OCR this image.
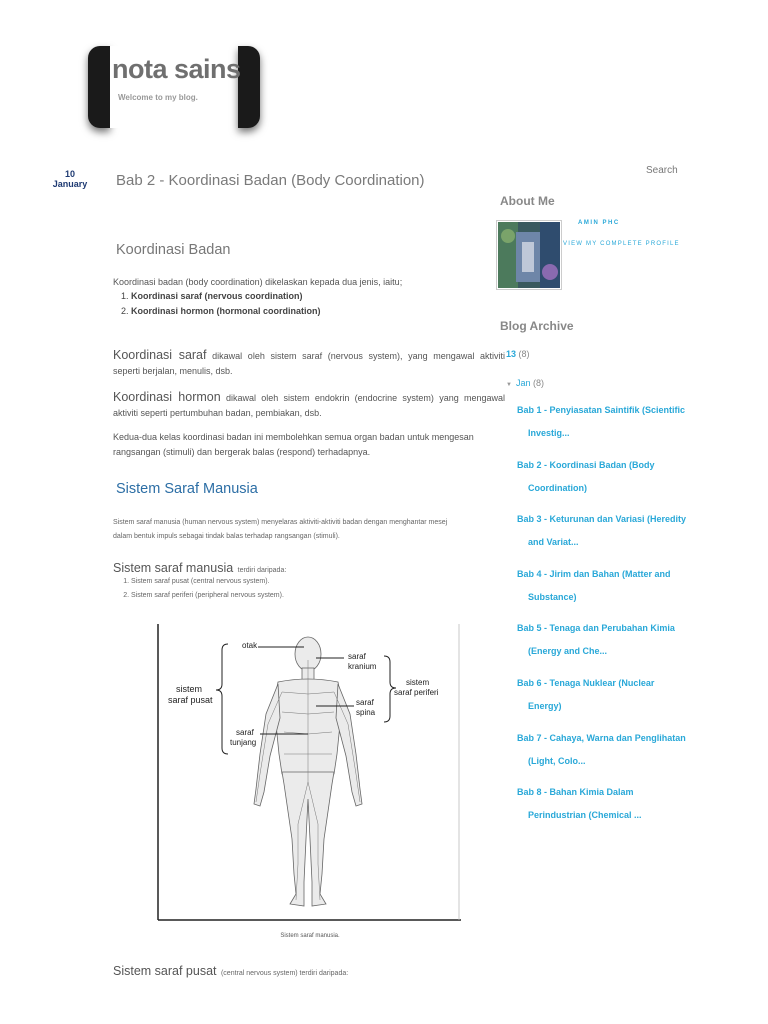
nota sains
Welcome to my blog.
10
January	Bab 2 - Koordinasi Badan (Body Coordination)
Koordinasi Badan
Koordinasi badan (body coordination) dikelaskan kepada dua jenis, iaitu;
1. Koordinasi saraf (nervous coordination)
2. Koordinasi hormon (hormonal coordination)
Koordinasi saraf dikawal oleh sistem saraf (nervous system), yang mengawal aktiviti
seperti berjalan, menulis, dsb.
Koordinasi hormon dikawal oleh sistem endokrin (endocrine system) yang mengawal
aktiviti seperti pertumbuhan badan, pembiakan, dsb.
Kedua-dua kelas koordinasi badan ini membolehkan semua organ badan untuk mengesan
rangsangan (stimuli) dan bergerak balas (respond) terhadapnya.
Sistem Saraf Manusia
Sistem saraf manusia (human nervous system) menyelaras aktiviti-aktiviti badan dengan menghantar mesej
dalam bentuk impuls sebagai tindak balas terhadap rangsangan (stimuli).
Sistem saraf manusia terdiri daripada:
1. Sistem saraf pusat (central nervous system).
2. Sistem saraf periferi (peripheral nervous system).
otak
saraf
kranium
sistem
saraf periferi
sistem
saraf pusat	saraf
spina
saraf
tunjang
Sistem saraf manusia.
Sistem saraf pusat (central nervous system) terdiri daripada:
Search
About Me
AMIN PHC
VIEW MY COMPLETE PROFILE
Blog Archive
13 (8)
▼ Jan (8)
Bab 1 - Penyiasatan Saintifik (Scientific
Investig...
Bab 2 - Koordinasi Badan (Body
Coordination)
Bab 3 - Keturunan dan Variasi (Heredity
and Variat...
Bab 4 - Jirim dan Bahan (Matter and
Substance)
Bab 5 - Tenaga dan Perubahan Kimia
(Energy and Che...
Bab 6 - Tenaga Nuklear (Nuclear
Energy)
Bab 7 - Cahaya, Warna dan Penglihatan
(Light, Colo...
Bab 8 - Bahan Kimia Dalam
Perindustrian (Chemical ...
